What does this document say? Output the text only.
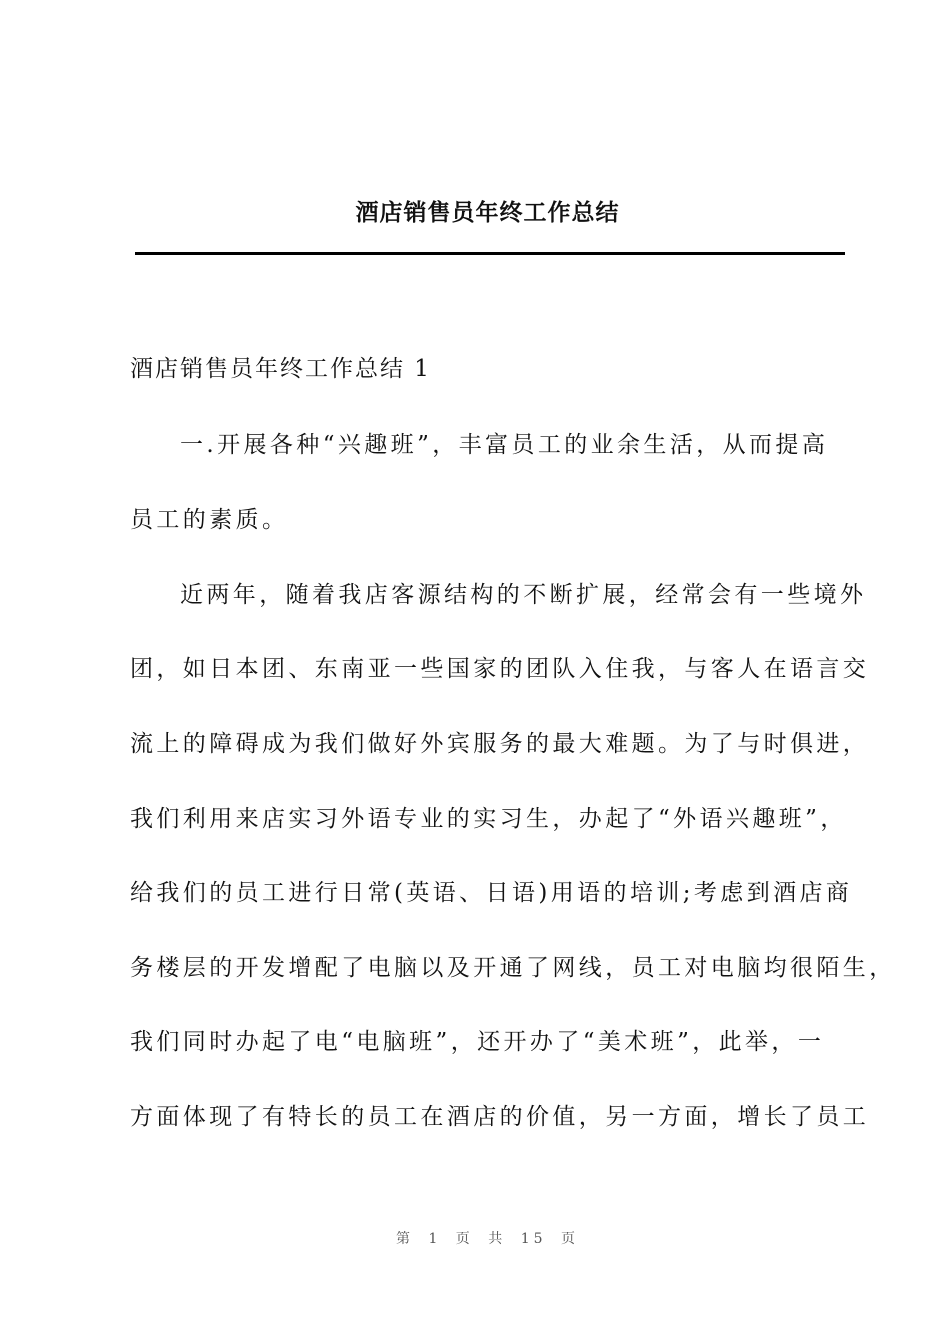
酒店销售员年终工作总结
酒店销售员年终工作总结 1
一.开展各种“兴趣班”，丰富员工的业余生活，从而提高
员工的素质。
近两年，随着我店客源结构的不断扩展，经常会有一些境外
团，如日本团、东南亚一些国家的团队入住我，与客人在语言交
流上的障碍成为我们做好外宾服务的最大难题。为了与时俱进，
我们利用来店实习外语专业的实习生，办起了“外语兴趣班”，
给我们的员工进行日常(英语、日语)用语的培训;考虑到酒店商
务楼层的开发增配了电脑以及开通了网线，员工对电脑均很陌生，
我们同时办起了电“电脑班”，还开办了“美术班”，此举，一
方面体现了有特长的员工在酒店的价值，另一方面，增长了员工
第 1 页 共 15 页
